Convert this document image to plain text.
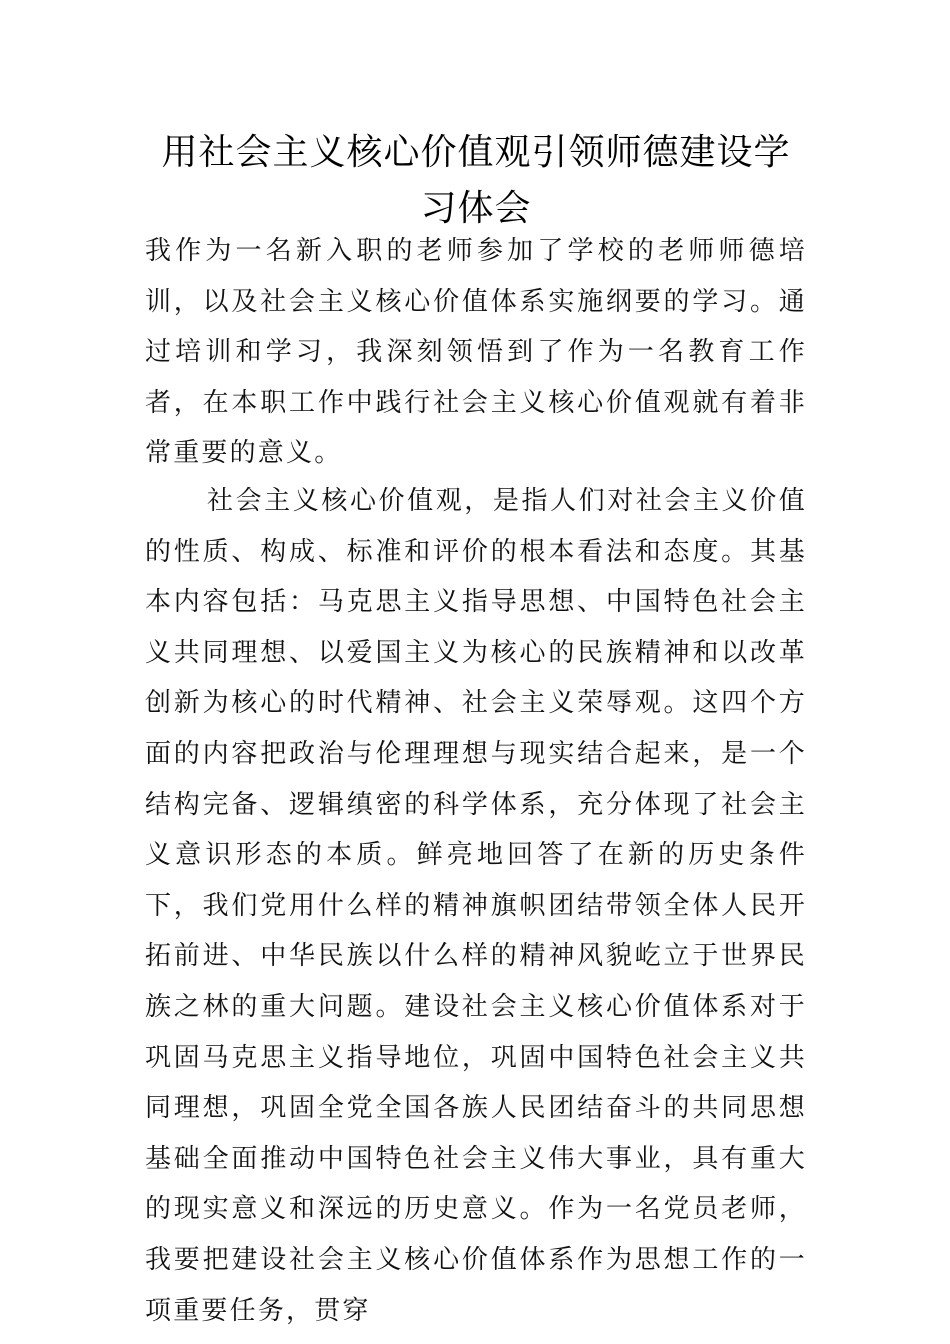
用社会主义核心价值观引领师德建设学习体会

我作为一名新入职的老师参加了学校的老师师德培训，以及社会主义核心价值体系实施纲要的学习。通过培训和学习，我深刻领悟到了作为一名教育工作者，在本职工作中践行社会主义核心价值观就有着非常重要的意义。

社会主义核心价值观，是指人们对社会主义价值的性质、构成、标准和评价的根本看法和态度。其基本内容包括：马克思主义指导思想、中国特色社会主义共同理想、以爱国主义为核心的民族精神和以改革创新为核心的时代精神、社会主义荣辱观。这四个方面的内容把政治与伦理理想与现实结合起来，是一个结构完备、逻辑缜密的科学体系，充分体现了社会主义意识形态的本质。鲜亮地回答了在新的历史条件下，我们党用什么样的精神旗帜团结带领全体人民开拓前进、中华民族以什么样的精神风貌屹立于世界民族之林的重大问题。建设社会主义核心价值体系对于巩固马克思主义指导地位，巩固中国特色社会主义共同理想，巩固全党全国各族人民团结奋斗的共同思想基础全面推动中国特色社会主义伟大事业，具有重大的现实意义和深远的历史意义。作为一名党员老师，我要把建设社会主义核心价值体系作为思想工作的一项重要任务，贯穿
